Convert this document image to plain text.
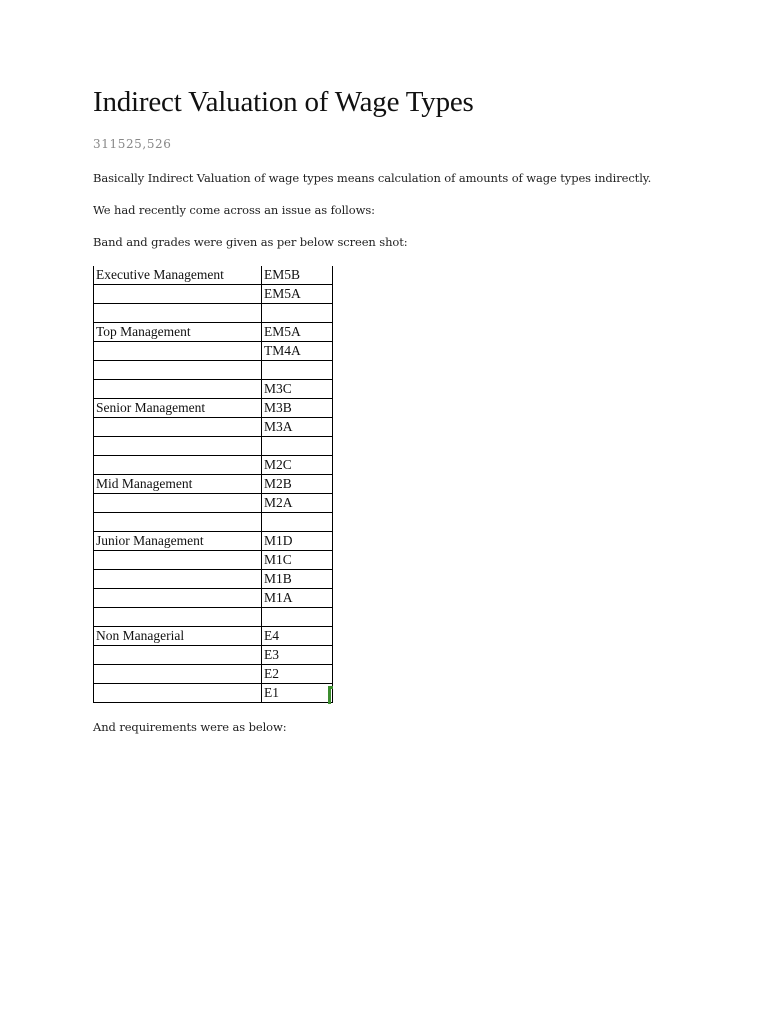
Indirect Valuation of Wage Types
311525,526
Basically Indirect Valuation of wage types means calculation of amounts of wage types indirectly.
We had recently come across an issue as follows:
Band and grades were given as per below screen shot:
Executive Management	EM5B
	EM5A

Top Management	EM5A
	TM4A

	M3C
Senior Management	M3B
	M3A

	M2C
Mid Management	M2B
	M2A

Junior Management	M1D
	M1C
	M1B
	M1A

Non Managerial	E4
	E3
	E2
	E1
And requirements were as below:
